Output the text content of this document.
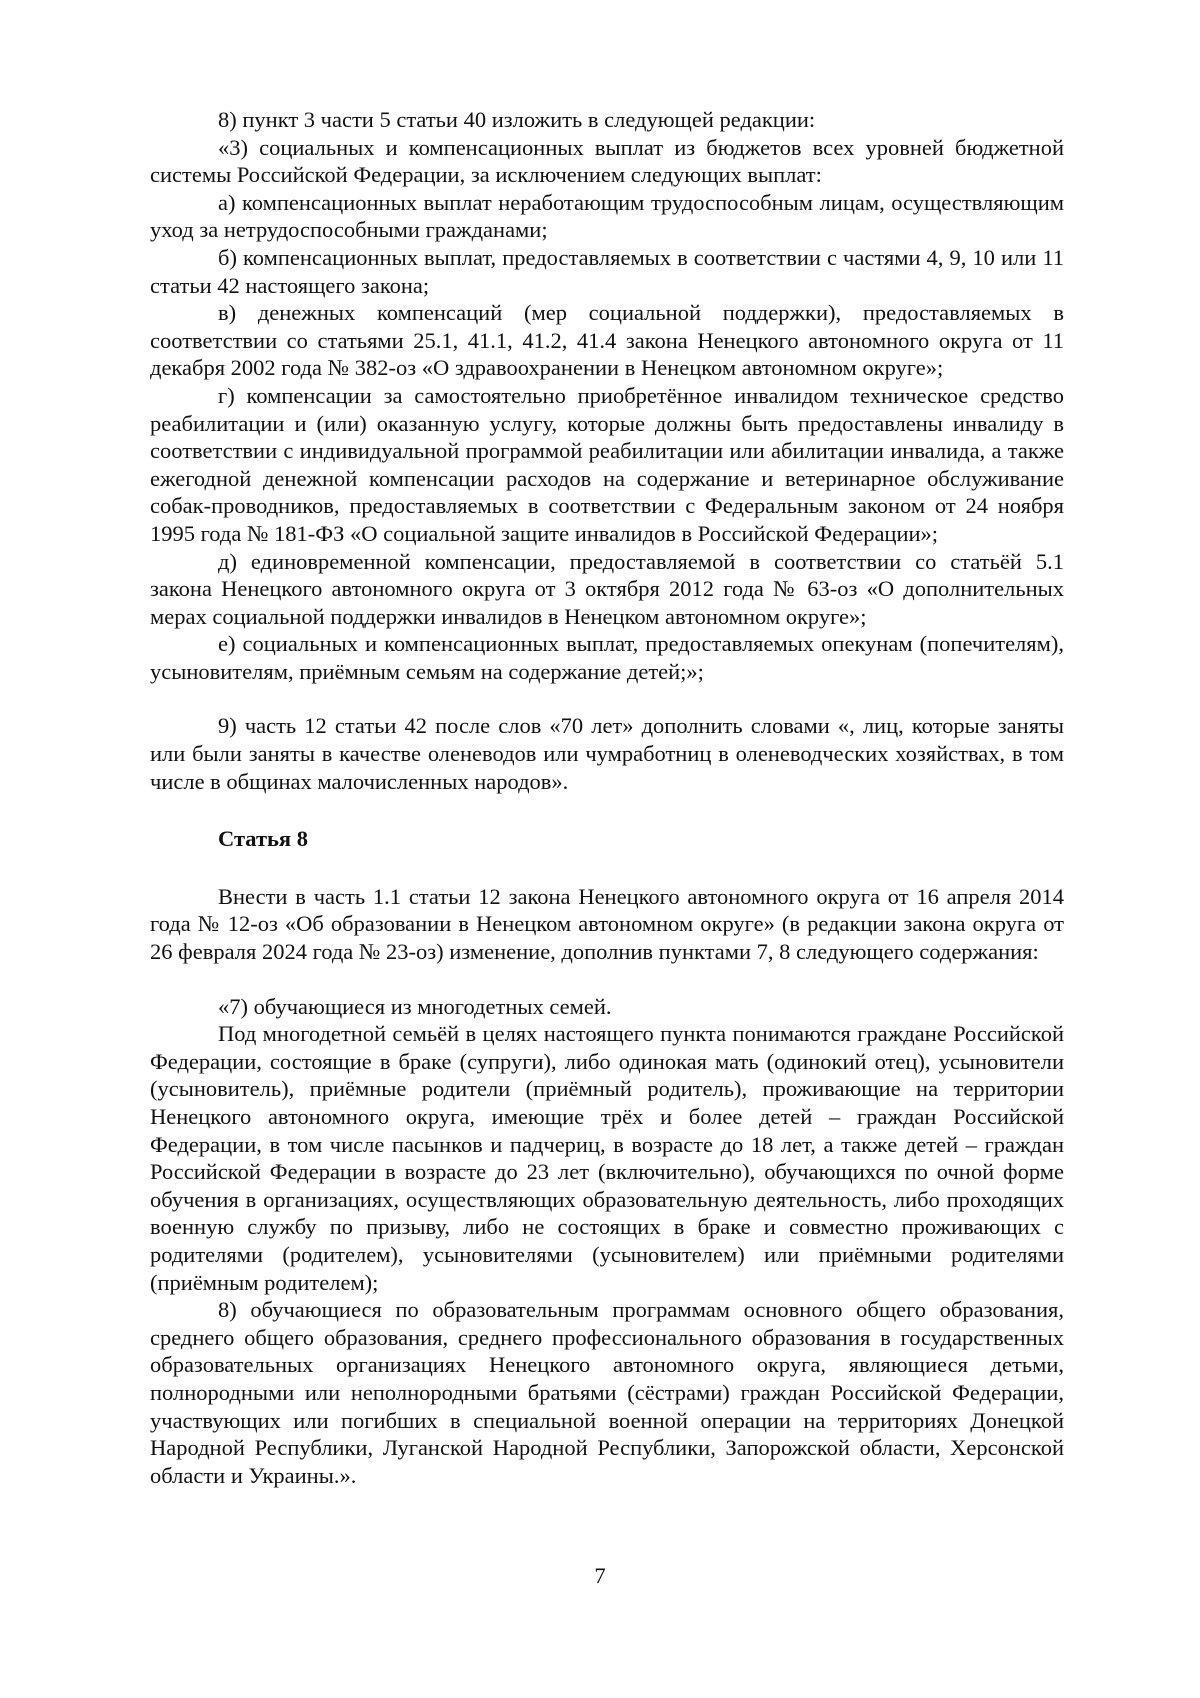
8) пункт 3 части 5 статьи 40 изложить в следующей редакции:

«3) социальных и компенсационных выплат из бюджетов всех уровней бюджетной системы Российской Федерации, за исключением следующих выплат:

а) компенсационных выплат неработающим трудоспособным лицам, осуществляющим уход за нетрудоспособными гражданами;

б) компенсационных выплат, предоставляемых в соответствии с частями 4, 9, 10 или 11 статьи 42 настоящего закона;

в) денежных компенсаций (мер социальной поддержки), предоставляемых в соответствии со статьями 25.1, 41.1, 41.2, 41.4 закона Ненецкого автономного округа от 11 декабря 2002 года № 382-оз «О здравоохранении в Ненецком автономном округе»;

г) компенсации за самостоятельно приобретённое инвалидом техническое средство реабилитации и (или) оказанную услугу, которые должны быть предоставлены инвалиду в соответствии с индивидуальной программой реабилитации или абилитации инвалида, а также ежегодной денежной компенсации расходов на содержание и ветеринарное обслуживание собак-проводников, предоставляемых в соответствии с Федеральным законом от 24 ноября 1995 года № 181-ФЗ «О социальной защите инвалидов в Российской Федерации»;

д) единовременной компенсации, предоставляемой в соответствии со статьёй 5.1 закона Ненецкого автономного округа от 3 октября 2012 года № 63-оз «О дополнительных мерах социальной поддержки инвалидов в Ненецком автономном округе»;

е) социальных и компенсационных выплат, предоставляемых опекунам (попечителям), усыновителям, приёмным семьям на содержание детей;»;

9) часть 12 статьи 42 после слов «70 лет» дополнить словами «, лиц, которые заняты или были заняты в качестве оленеводов или чумработниц в оленеводческих хозяйствах, в том числе в общинах малочисленных народов».

Статья 8

Внести в часть 1.1 статьи 12 закона Ненецкого автономного округа от 16 апреля 2014 года № 12-оз «Об образовании в Ненецком автономном округе» (в редакции закона округа от 26 февраля 2024 года № 23-оз) изменение, дополнив пунктами 7, 8 следующего содержания:

«7) обучающиеся из многодетных семей.

Под многодетной семьёй в целях настоящего пункта понимаются граждане Российской Федерации, состоящие в браке (супруги), либо одинокая мать (одинокий отец), усыновители (усыновитель), приёмные родители (приёмный родитель), проживающие на территории Ненецкого автономного округа, имеющие трёх и более детей – граждан Российской Федерации, в том числе пасынков и падчериц, в возрасте до 18 лет, а также детей – граждан Российской Федерации в возрасте до 23 лет (включительно), обучающихся по очной форме обучения в организациях, осуществляющих образовательную деятельность, либо проходящих военную службу по призыву, либо не состоящих в браке и совместно проживающих с родителями (родителем), усыновителями (усыновителем) или приёмными родителями (приёмным родителем);

8) обучающиеся по образовательным программам основного общего образования, среднего общего образования, среднего профессионального образования в государственных образовательных организациях Ненецкого автономного округа, являющиеся детьми, полнородными или неполнородными братьями (сёстрами) граждан Российской Федерации, участвующих или погибших в специальной военной операции на территориях Донецкой Народной Республики, Луганской Народной Республики, Запорожской области, Херсонской области и Украины.».

7
